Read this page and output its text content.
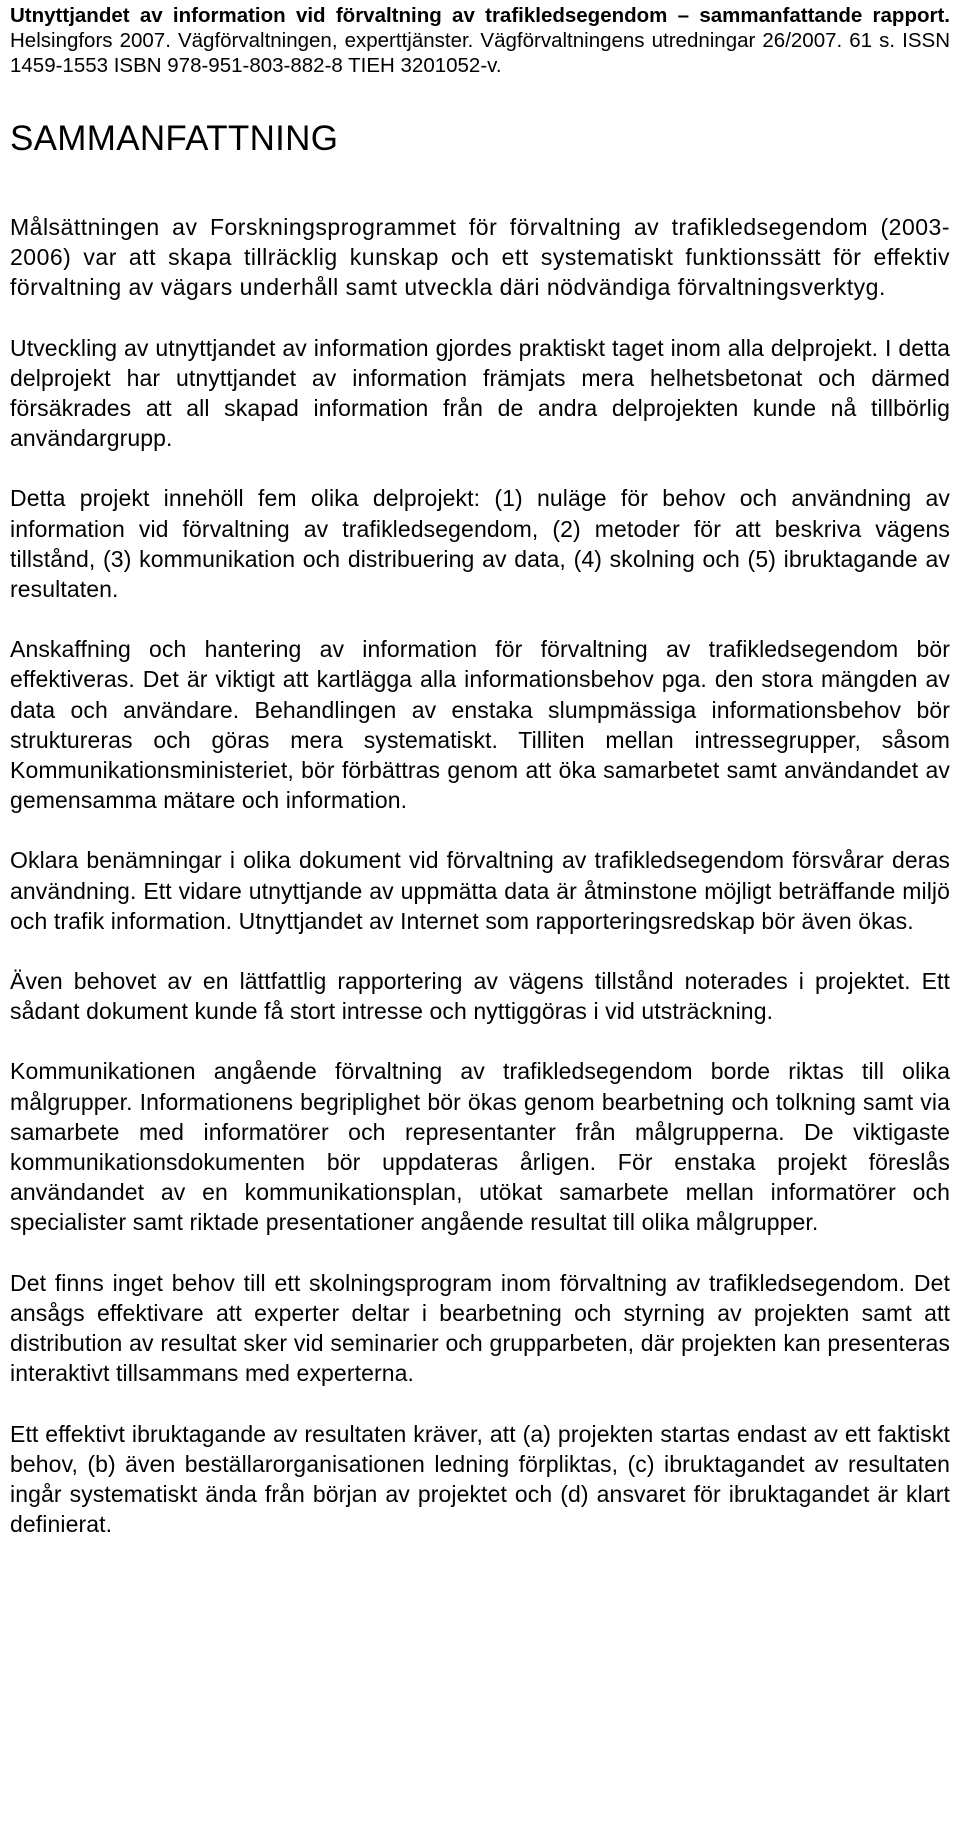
Utnyttjandet av information vid förvaltning av trafikledsegendom – sammanfattande rapport. Helsingfors 2007. Vägförvaltningen, experttjänster. Vägförvaltningens utredningar 26/2007. 61 s. ISSN 1459-1553 ISBN 978-951-803-882-8 TIEH 3201052-v.
SAMMANFATTNING

Målsättningen av Forskningsprogrammet för förvaltning av trafikledsegendom (2003-2006) var att skapa tillräcklig kunskap och ett systematiskt funktionssätt för effektiv förvaltning av vägars underhåll samt utveckla däri nödvändiga förvaltningsverktyg.

Utveckling av utnyttjandet av information gjordes praktiskt taget inom alla delprojekt. I detta delprojekt har utnyttjandet av information främjats mera helhetsbetonat och därmed försäkrades att all skapad information från de andra delprojekten kunde nå tillbörlig användargrupp.

Detta projekt innehöll fem olika delprojekt: (1) nuläge för behov och användning av information vid förvaltning av trafikledsegendom, (2) metoder för att beskriva vägens tillstånd, (3) kommunikation och distribuering av data, (4) skolning och (5) ibruktagande av resultaten.

Anskaffning och hantering av information för förvaltning av trafikledsegendom bör effektiveras. Det är viktigt att kartlägga alla informationsbehov pga. den stora mängden av data och användare. Behandlingen av enstaka slumpmässiga informationsbehov bör struktureras och göras mera systematiskt. Tilliten mellan intressegrupper, såsom Kommunikationsministeriet, bör förbättras genom att öka samarbetet samt användandet av gemensamma mätare och information.

Oklara benämningar i olika dokument vid förvaltning av trafikledsegendom försvårar deras användning. Ett vidare utnyttjande av uppmätta data är åtminstone möjligt beträffande miljö och trafik information. Utnyttjandet av Internet som rapporteringsredskap bör även ökas.

Även behovet av en lättfattlig rapportering av vägens tillstånd noterades i projektet. Ett sådant dokument kunde få stort intresse och nyttiggöras i vid utsträckning.

Kommunikationen angående förvaltning av trafikledsegendom borde riktas till olika målgrupper. Informationens begriplighet bör ökas genom bearbetning och tolkning samt via samarbete med informatörer och representanter från målgrupperna. De viktigaste kommunikationsdokumenten bör uppdateras årligen. För enstaka projekt föreslås användandet av en kommunikationsplan, utökat samarbete mellan informatörer och specialister samt riktade presentationer angående resultat till olika målgrupper.

Det finns inget behov till ett skolningsprogram inom förvaltning av trafikledsegendom. Det ansågs effektivare att experter deltar i bearbetning och styrning av projekten samt att distribution av resultat sker vid seminarier och grupparbeten, där projekten kan presenteras interaktivt tillsammans med experterna.

Ett effektivt ibruktagande av resultaten kräver, att (a) projekten startas endast av ett faktiskt behov, (b) även beställarorganisationen ledning förpliktas, (c) ibruktagandet av resultaten ingår systematiskt ända från början av projektet och (d) ansvaret för ibruktagandet är klart definierat.
